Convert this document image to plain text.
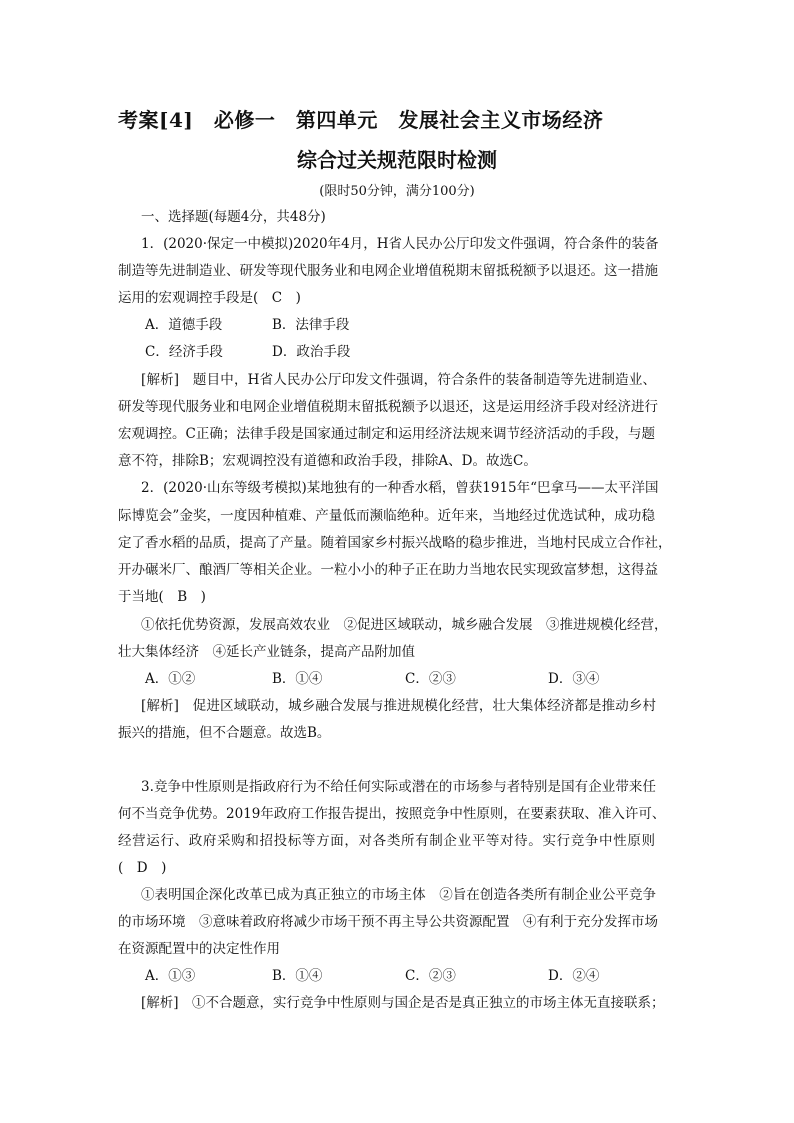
考案[4]　必修一　第四单元　发展社会主义市场经济
综合过关规范限时检测
(限时50分钟，满分100分)
一、选择题(每题4分，共48分)
1．(2020·保定一中模拟)2020年4月，H省人民办公厅印发文件强调，符合条件的装备
制造等先进制造业、研发等现代服务业和电网企业增值税期末留抵税额予以退还。这一措施
运用的宏观调控手段是(　C　)
A．道德手段	B．法律手段
C．经济手段	D．政治手段
[解析]　题目中，H省人民办公厅印发文件强调，符合条件的装备制造等先进制造业、
研发等现代服务业和电网企业增值税期末留抵税额予以退还，这是运用经济手段对经济进行
宏观调控。C正确；法律手段是国家通过制定和运用经济法规来调节经济活动的手段，与题
意不符，排除B；宏观调控没有道德和政治手段，排除A、D。故选C。
2．(2020·山东等级考模拟)某地独有的一种香水稻，曾获1915年“巴拿马——太平洋国
际博览会”金奖，一度因种植难、产量低而濒临绝种。近年来，当地经过优选试种，成功稳
定了香水稻的品质，提高了产量。随着国家乡村振兴战略的稳步推进，当地村民成立合作社，
开办碾米厂、酿酒厂等相关企业。一粒小小的种子正在助力当地农民实现致富梦想，这得益
于当地(　B　)
①依托优势资源，发展高效农业　②促进区域联动，城乡融合发展　③推进规模化经营，
壮大集体经济　④延长产业链条，提高产品附加值
A．①②	B．①④	C．②③	D．③④
[解析]　促进区域联动，城乡融合发展与推进规模化经营，壮大集体经济都是推动乡村
振兴的措施，但不合题意。故选B。
3.竞争中性原则是指政府行为不给任何实际或潜在的市场参与者特别是国有企业带来任
何不当竞争优势。2019年政府工作报告提出，按照竞争中性原则，在要素获取、准入许可、
经营运行、政府采购和招投标等方面，对各类所有制企业平等对待。实行竞争中性原则
(　D　)
①表明国企深化改革已成为真正独立的市场主体　②旨在创造各类所有制企业公平竞争
的市场环境　③意味着政府将减少市场干预不再主导公共资源配置　④有利于充分发挥市场
在资源配置中的决定性作用
A．①③	B．①④	C．②③	D．②④
[解析]　①不合题意，实行竞争中性原则与国企是否是真正独立的市场主体无直接联系；
